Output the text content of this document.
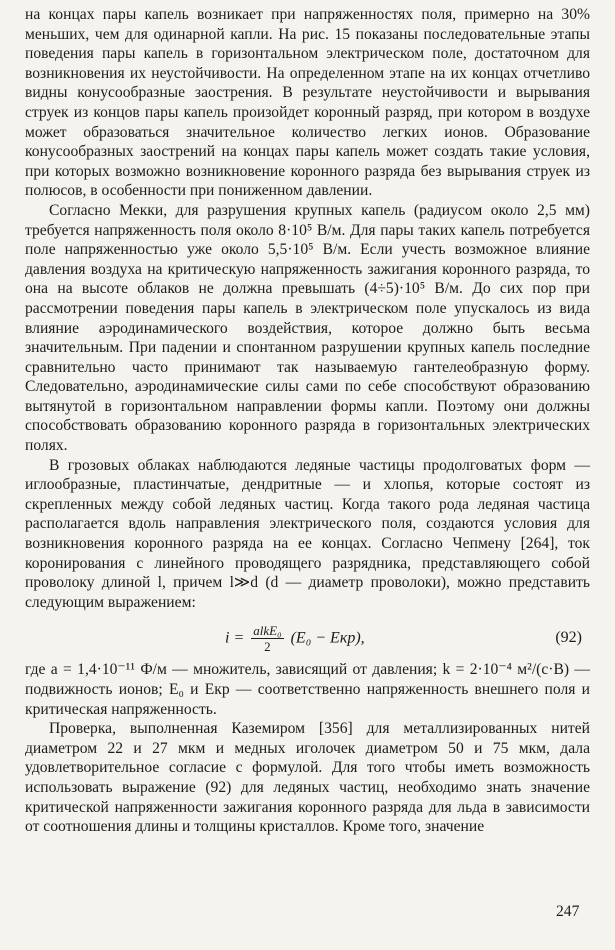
на концах пары капель возникает при напряженностях поля, примерно на 30% меньших, чем для одинарной капли. На рис. 15 показаны последовательные этапы поведения пары капель в горизонтальном электрическом поле, достаточном для возникновения их неустойчивости. На определенном этапе на их концах отчетливо видны конусообразные заострения. В результате неустойчивости и вырывания струек из концов пары капель произойдет коронный разряд, при котором в воздухе может образоваться значительное количество легких ионов. Образование конусообразных заострений на концах пары капель может создать такие условия, при которых возможно возникновение коронного разряда без вырывания струек из полюсов, в особенности при пониженном давлении.

Согласно Мекки, для разрушения крупных капель (радиусом около 2,5 мм) требуется напряженность поля около 8·10⁵ В/м. Для пары таких капель потребуется поле напряженностью уже около 5,5·10⁵ В/м. Если учесть возможное влияние давления воздуха на критическую напряженность зажигания коронного разряда, то она на высоте облаков не должна превышать (4÷5)·10⁵ В/м. До сих пор при рассмотрении поведения пары капель в электрическом поле упускалось из вида влияние аэродинамического воздействия, которое должно быть весьма значительным. При падении и спонтанном разрушении крупных капель последние сравнительно часто принимают так называемую гантелеобразную форму. Следовательно, аэродинамические силы сами по себе способствуют образованию вытянутой в горизонтальном направлении формы капли. Поэтому они должны способствовать образованию коронного разряда в горизонтальных электрических полях.

В грозовых облаках наблюдаются ледяные частицы продолговатых форм — иглообразные, пластинчатые, дендритные — и хлопья, которые состоят из скрепленных между собой ледяных частиц. Когда такого рода ледяная частица располагается вдоль направления электрического поля, создаются условия для возникновения коронного разряда на ее концах. Согласно Чепмену [264], ток коронирования с линейного проводящего разрядника, представляющего собой проволоку длиной l, причем l≫d (d — диаметр проволоки), можно представить следующим выражением:

$i = \frac{\text{alkE₀}}{2} (E_0 - Eкр)$,	(92)

где a = 1,4·10⁻¹¹ Ф/м — множитель, зависящий от давления; k = 2·10⁻⁴ м²/(с·В) — подвижность ионов; E₀ и Eкр — соответственно напряженность внешнего поля и критическая напряженность.

Проверка, выполненная Каземиром [356] для металлизированных нитей диаметром 22 и 27 мкм и медных иголочек диаметром 50 и 75 мкм, дала удовлетворительное согласие с формулой. Для того чтобы иметь возможность использовать выражение (92) для ледяных частиц, необходимо знать значение критической напряженности зажигания коронного разряда для льда в зависимости от соотношения длины и толщины кристаллов. Кроме того, значение

247
